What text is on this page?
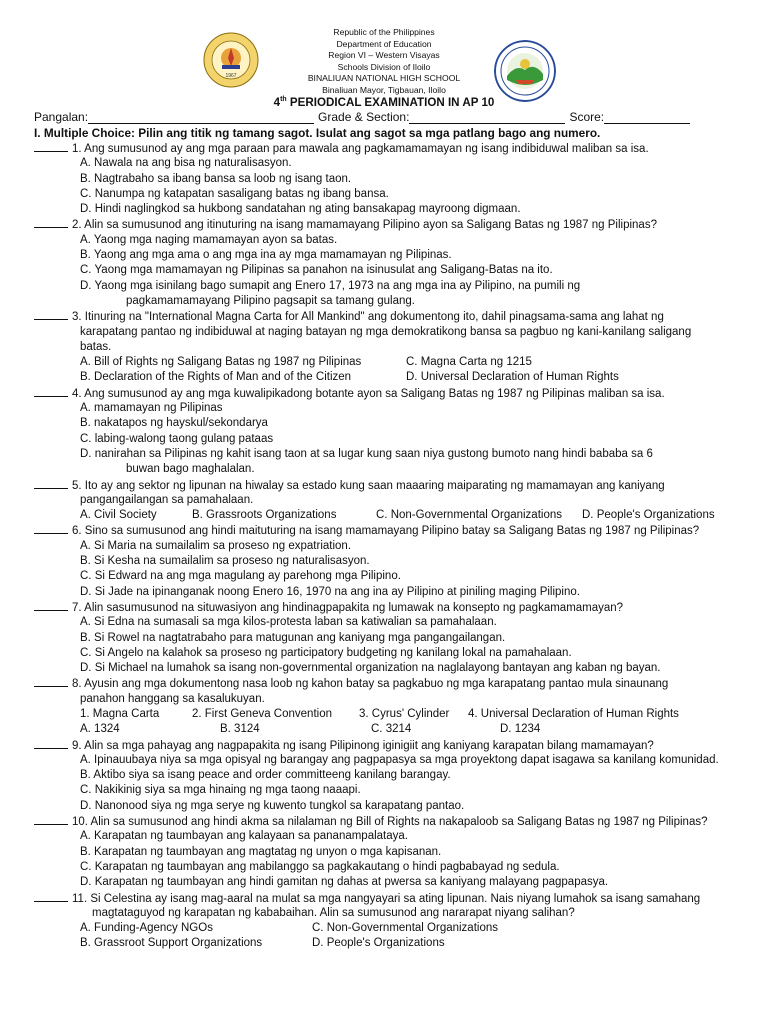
1967
Republic of the Philippines
Department of Education
Region VI – Western Visayas
Schools Division of Iloilo
BINALIUAN NATIONAL HIGH SCHOOL
Binaliuan Mayor, Tigbauan, Iloilo
4th PERIODICAL EXAMINATION IN AP 10
Pangalan:	Grade & Section:	Score:
I. Multiple Choice: Pilin ang titik ng tamang sagot. Isulat ang sagot sa mga patlang bago ang numero.
1. Ang sumusunod ay ang mga paraan para mawala ang pagkamamamayan ng isang indibiduwal maliban sa isa.
A. Nawala na ang bisa ng naturalisasyon.
B. Nagtrabaho sa ibang bansa sa loob ng isang taon.
C. Nanumpa ng katapatan sasaligang batas ng ibang bansa.
D. Hindi naglingkod sa hukbong sandatahan ng ating bansakapag mayroong digmaan.
2. Alin sa sumusunod ang itinuturing na isang mamamayang Pilipino ayon sa Saligang Batas ng 1987 ng Pilipinas?
A. Yaong mga naging mamamayan ayon sa batas.
B. Yaong ang mga ama o ang mga ina ay mga mamamayan ng Pilipinas.
C. Yaong mga mamamayan ng Pilipinas sa panahon na isinusulat ang Saligang-Batas na ito.
D. Yaong mga isinilang bago sumapit ang Enero 17, 1973 na ang mga ina ay Pilipino, na pumili ng
pagkamamamayang Pilipino pagsapit sa tamang gulang.
3. Itinuring na "International Magna Carta for All Mankind" ang dokumentong ito, dahil pinagsama-sama ang lahat ng
karapatang pantao ng indibiduwal at naging batayan ng mga demokratikong bansa sa pagbuo ng kani-kanilang saligang
batas.
A. Bill of Rights ng Saligang Batas ng 1987 ng Pilipinas	C. Magna Carta ng 1215
B. Declaration of the Rights of Man and of the Citizen	D. Universal Declaration of Human Rights
4. Ang sumusunod ay ang mga kuwalipikadong botante ayon sa Saligang Batas ng 1987 ng Pilipinas maliban sa isa.
A. mamamayan ng Pilipinas
B. nakatapos ng hayskul/sekondarya
C. labing-walong taong gulang pataas
D. nanirahan sa Pilipinas ng kahit isang taon at sa lugar kung saan niya gustong bumoto nang hindi bababa sa 6
buwan bago maghalalan.
5. Ito ay ang sektor ng lipunan na hiwalay sa estado kung saan maaaring maiparating ng mamamayan ang kaniyang
pangangailangan sa pamahalaan.
A. Civil Society	B. Grassroots Organizations	C. Non-Governmental Organizations D. People's Organizations
6. Sino sa sumusunod ang hindi maituturing na isang mamamayang Pilipino batay sa Saligang Batas ng 1987 ng Pilipinas?
A. Si Maria na sumailalim sa proseso ng expatriation.
B. Si Kesha na sumailalim sa proseso ng naturalisasyon.
C. Si Edward na ang mga magulang ay parehong mga Pilipino.
D. Si Jade na ipinanganak noong Enero 16, 1970 na ang ina ay Pilipino at piniling maging Pilipino.
7. Alin sasumusunod na situwasiyon ang hindinagpapakita ng lumawak na konsepto ng pagkamamamayan?
A. Si Edna na sumasali sa mga kilos-protesta laban sa katiwalian sa pamahalaan.
B. Si Rowel na nagtatrabaho para matugunan ang kaniyang mga pangangailangan.
C. Si Angelo na kalahok sa proseso ng participatory budgeting ng kanilang lokal na pamahalaan.
D. Si Michael na lumahok sa isang non-governmental organization na naglalayong bantayan ang kaban ng bayan.
8. Ayusin ang mga dokumentong nasa loob ng kahon batay sa pagkabuo ng mga karapatang pantao mula sinaunang
panahon hanggang sa kasalukuyan.
1. Magna Carta	2. First Geneva Convention 3. Cyrus' Cylinder 4. Universal Declaration of Human Rights
A. 1324	B. 3124	C. 3214	D. 1234
9. Alin sa mga pahayag ang nagpapakita ng isang Pilipinong iginigiit ang kaniyang karapatan bilang mamamayan?
A. Ipinauubaya niya sa mga opisyal ng barangay ang pagpapasya sa mga proyektong dapat isagawa sa kanilang komunidad.
B. Aktibo siya sa isang peace and order committeeng kanilang barangay.
C. Nakikinig siya sa mga hinaing ng mga taong naaapi.
D. Nanonood siya ng mga serye ng kuwento tungkol sa karapatang pantao.
10. Alin sa sumusunod ang hindi akma sa nilalaman ng Bill of Rights na nakapaloob sa Saligang Batas ng 1987 ng Pilipinas?
A. Karapatan ng taumbayan ang kalayaan sa pananampalataya.
B. Karapatan ng taumbayan ang magtatag ng unyon o mga kapisanan.
C. Karapatan ng taumbayan ang mabilanggo sa pagkakautang o hindi pagbabayad ng sedula.
D. Karapatan ng taumbayan ang hindi gamitan ng dahas at pwersa sa kaniyang malayang pagpapasya.
11. Si Celestina ay isang mag-aaral na mulat sa mga nangyayari sa ating lipunan. Nais niyang lumahok sa isang samahang
magtataguyod ng karapatan ng kababaihan. Alin sa sumusunod ang nararapat niyang salihan?
A. Funding-Agency NGOs	C. Non-Governmental Organizations
B. Grassroot Support Organizations	D. People's Organizations
